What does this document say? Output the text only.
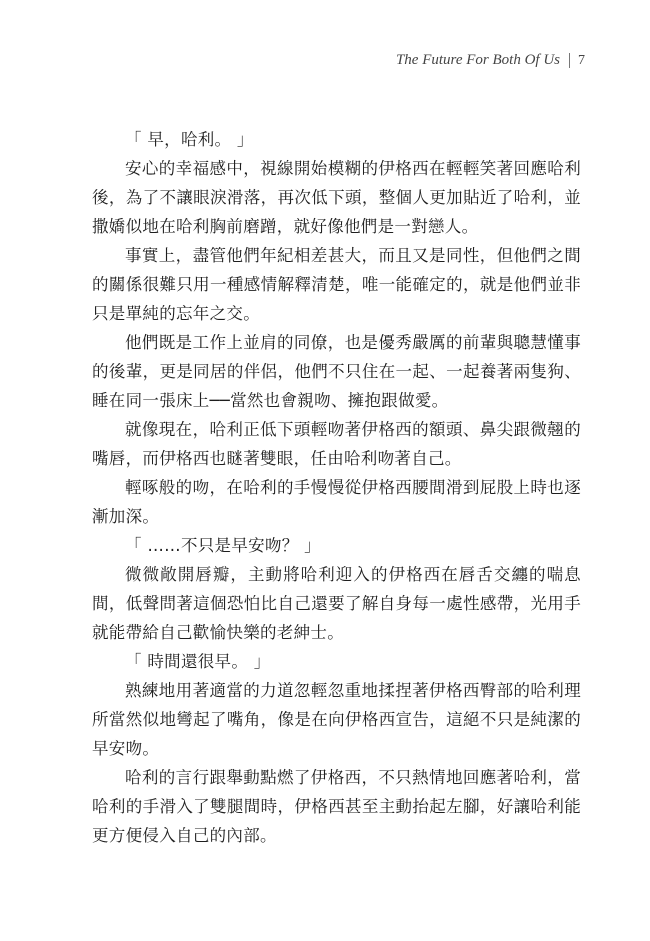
The Future For Both Of Us 7

「 早，哈利。 」

安心的幸福感中，視線開始模糊的伊格西在輕輕笑著回應哈利後，為了不讓眼淚滑落，再次低下頭，整個人更加貼近了哈利，並撒嬌似地在哈利胸前磨蹭，就好像他們是一對戀人。

事實上，盡管他們年紀相差甚大，而且又是同性，但他們之間的關係很難只用一種感情解釋清楚，唯一能確定的，就是他們並非只是單純的忘年之交。

他們既是工作上並肩的同僚，也是優秀嚴厲的前輩與聰慧懂事的後輩，更是同居的伴侶，他們不只住在一起、一起養著兩隻狗、睡在同一張床上──當然也會親吻、擁抱跟做愛。

就像現在，哈利正低下頭輕吻著伊格西的額頭、鼻尖跟微翹的嘴唇，而伊格西也瞇著雙眼，任由哈利吻著自己。

輕啄般的吻，在哈利的手慢慢從伊格西腰間滑到屁股上時也逐漸加深。

「 ……不只是早安吻？ 」

微微敞開唇瓣，主動將哈利迎入的伊格西在唇舌交纏的喘息間，低聲問著這個恐怕比自己還要了解自身每一處性感帶，光用手就能帶給自己歡愉快樂的老紳士。

「 時間還很早。 」

熟練地用著適當的力道忽輕忽重地揉捏著伊格西臀部的哈利理所當然似地彎起了嘴角，像是在向伊格西宣告，這絕不只是純潔的早安吻。

哈利的言行跟舉動點燃了伊格西，不只熱情地回應著哈利，當哈利的手滑入了雙腿間時，伊格西甚至主動抬起左腳，好讓哈利能更方便侵入自己的內部。
